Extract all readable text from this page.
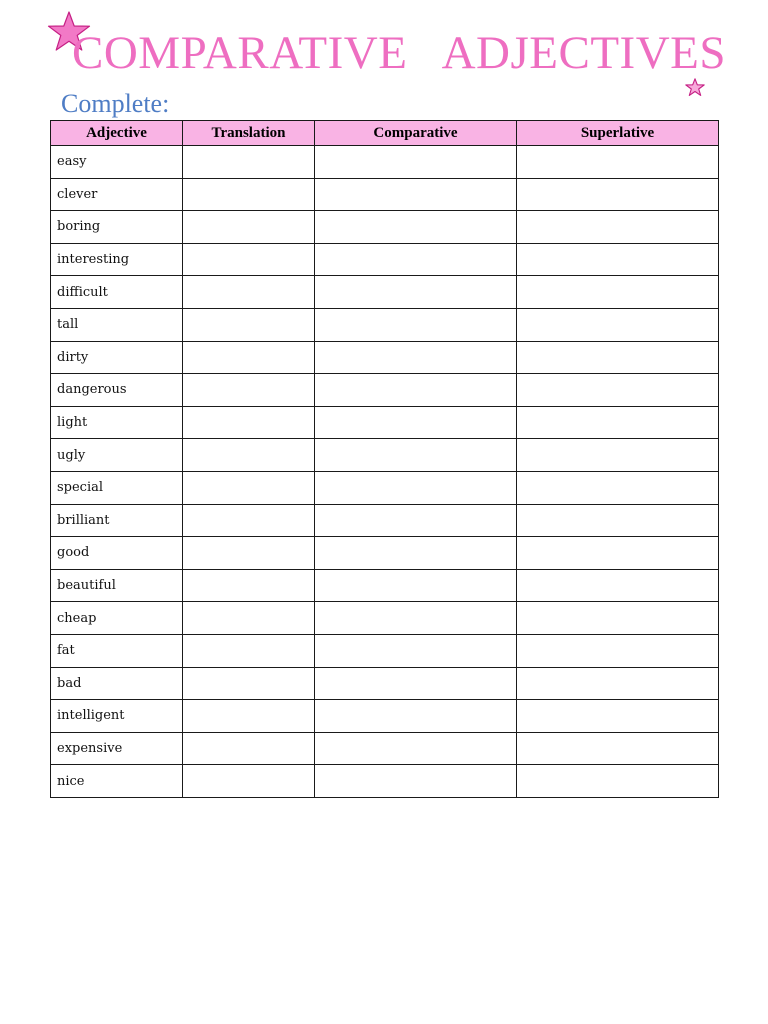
COMPARATIVE   ADJECTIVES

Complete:

Adjective	Translation	Comparative	Superlative
easy			
clever			
boring			
interesting			
difficult			
tall			
dirty			
dangerous			
light			
ugly			
special			
brilliant			
good			
beautiful			
cheap			
fat			
bad			
intelligent			
expensive			
nice			
